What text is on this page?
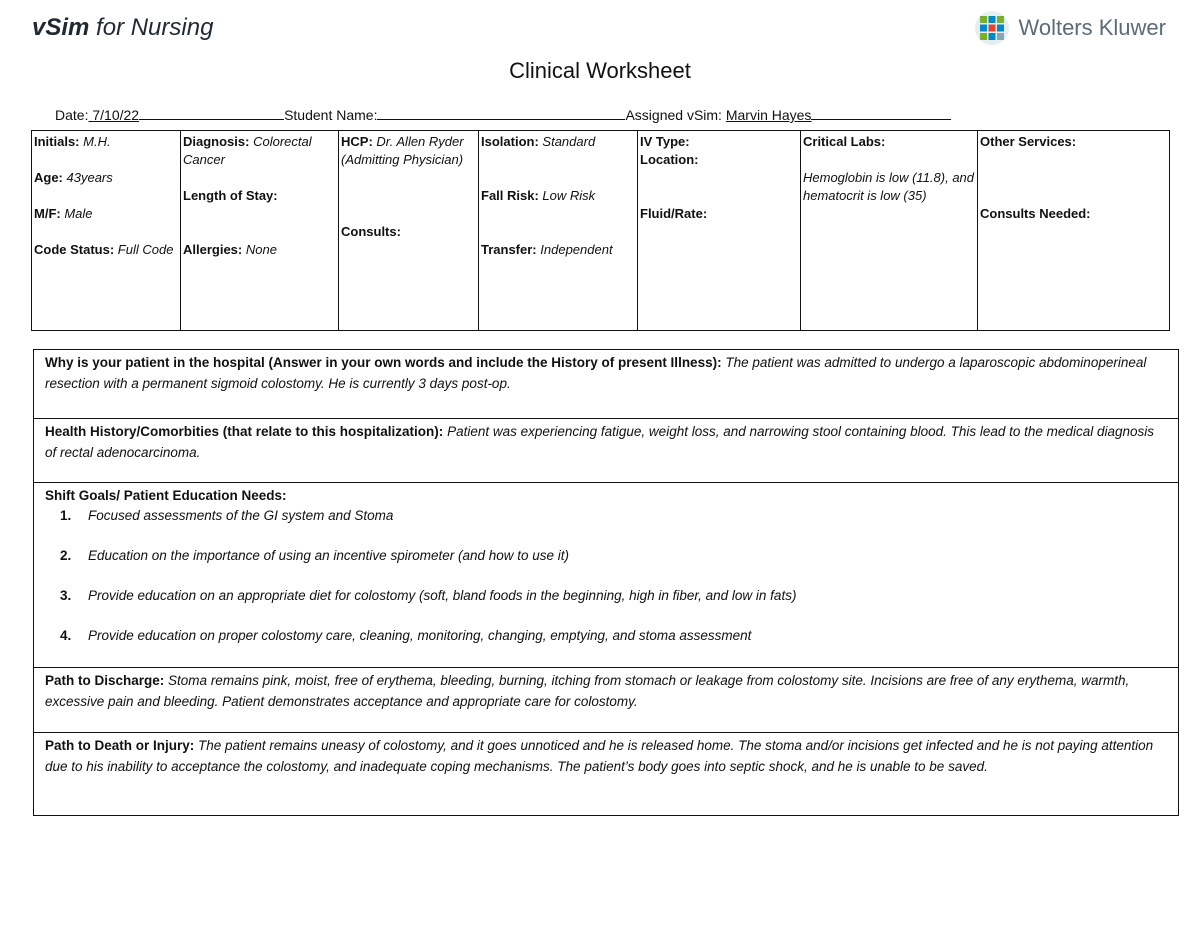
vSim for Nursing	Wolters Kluwer
Clinical Worksheet
Date: 7/10/22	Student Name:	Assigned vSim: Marvin Hayes
Initials: M.H.
Age: 43years
M/F: Male
Code Status: Full Code

Diagnosis: Colorectal Cancer
Length of Stay:
Allergies: None

HCP: Dr. Allen Ryder (Admitting Physician)
Consults:

Isolation: Standard
Fall Risk: Low Risk
Transfer: Independent

IV Type:
Location:
Fluid/Rate:

Critical Labs:
Hemoglobin is low (11.8), and hematocrit is low (35)

Other Services:
Consults Needed:
Why is your patient in the hospital (Answer in your own words and include the History of present Illness): The patient was admitted to undergo a laparoscopic abdominoperineal resection with a permanent sigmoid colostomy. He is currently 3 days post-op.
Health History/Comorbities (that relate to this hospitalization): Patient was experiencing fatigue, weight loss, and narrowing stool containing blood. This lead to the medical diagnosis of rectal adenocarcinoma.
Shift Goals/ Patient Education Needs:
1.	Focused assessments of the GI system and Stoma
2.	Education on the importance of using an incentive spirometer (and how to use it)
3.	Provide education on an appropriate diet for colostomy (soft, bland foods in the beginning, high in fiber, and low in fats)
4.	Provide education on proper colostomy care, cleaning, monitoring, changing, emptying, and stoma assessment
Path to Discharge: Stoma remains pink, moist, free of erythema, bleeding, burning, itching from stomach or leakage from colostomy site. Incisions are free of any erythema, warmth, excessive pain and bleeding. Patient demonstrates acceptance and appropriate care for colostomy.
Path to Death or Injury: The patient remains uneasy of colostomy, and it goes unnoticed and he is released home. The stoma and/or incisions get infected and he is not paying attention due to his inability to acceptance the colostomy, and inadequate coping mechanisms. The patient’s body goes into septic shock, and he is unable to be saved.
